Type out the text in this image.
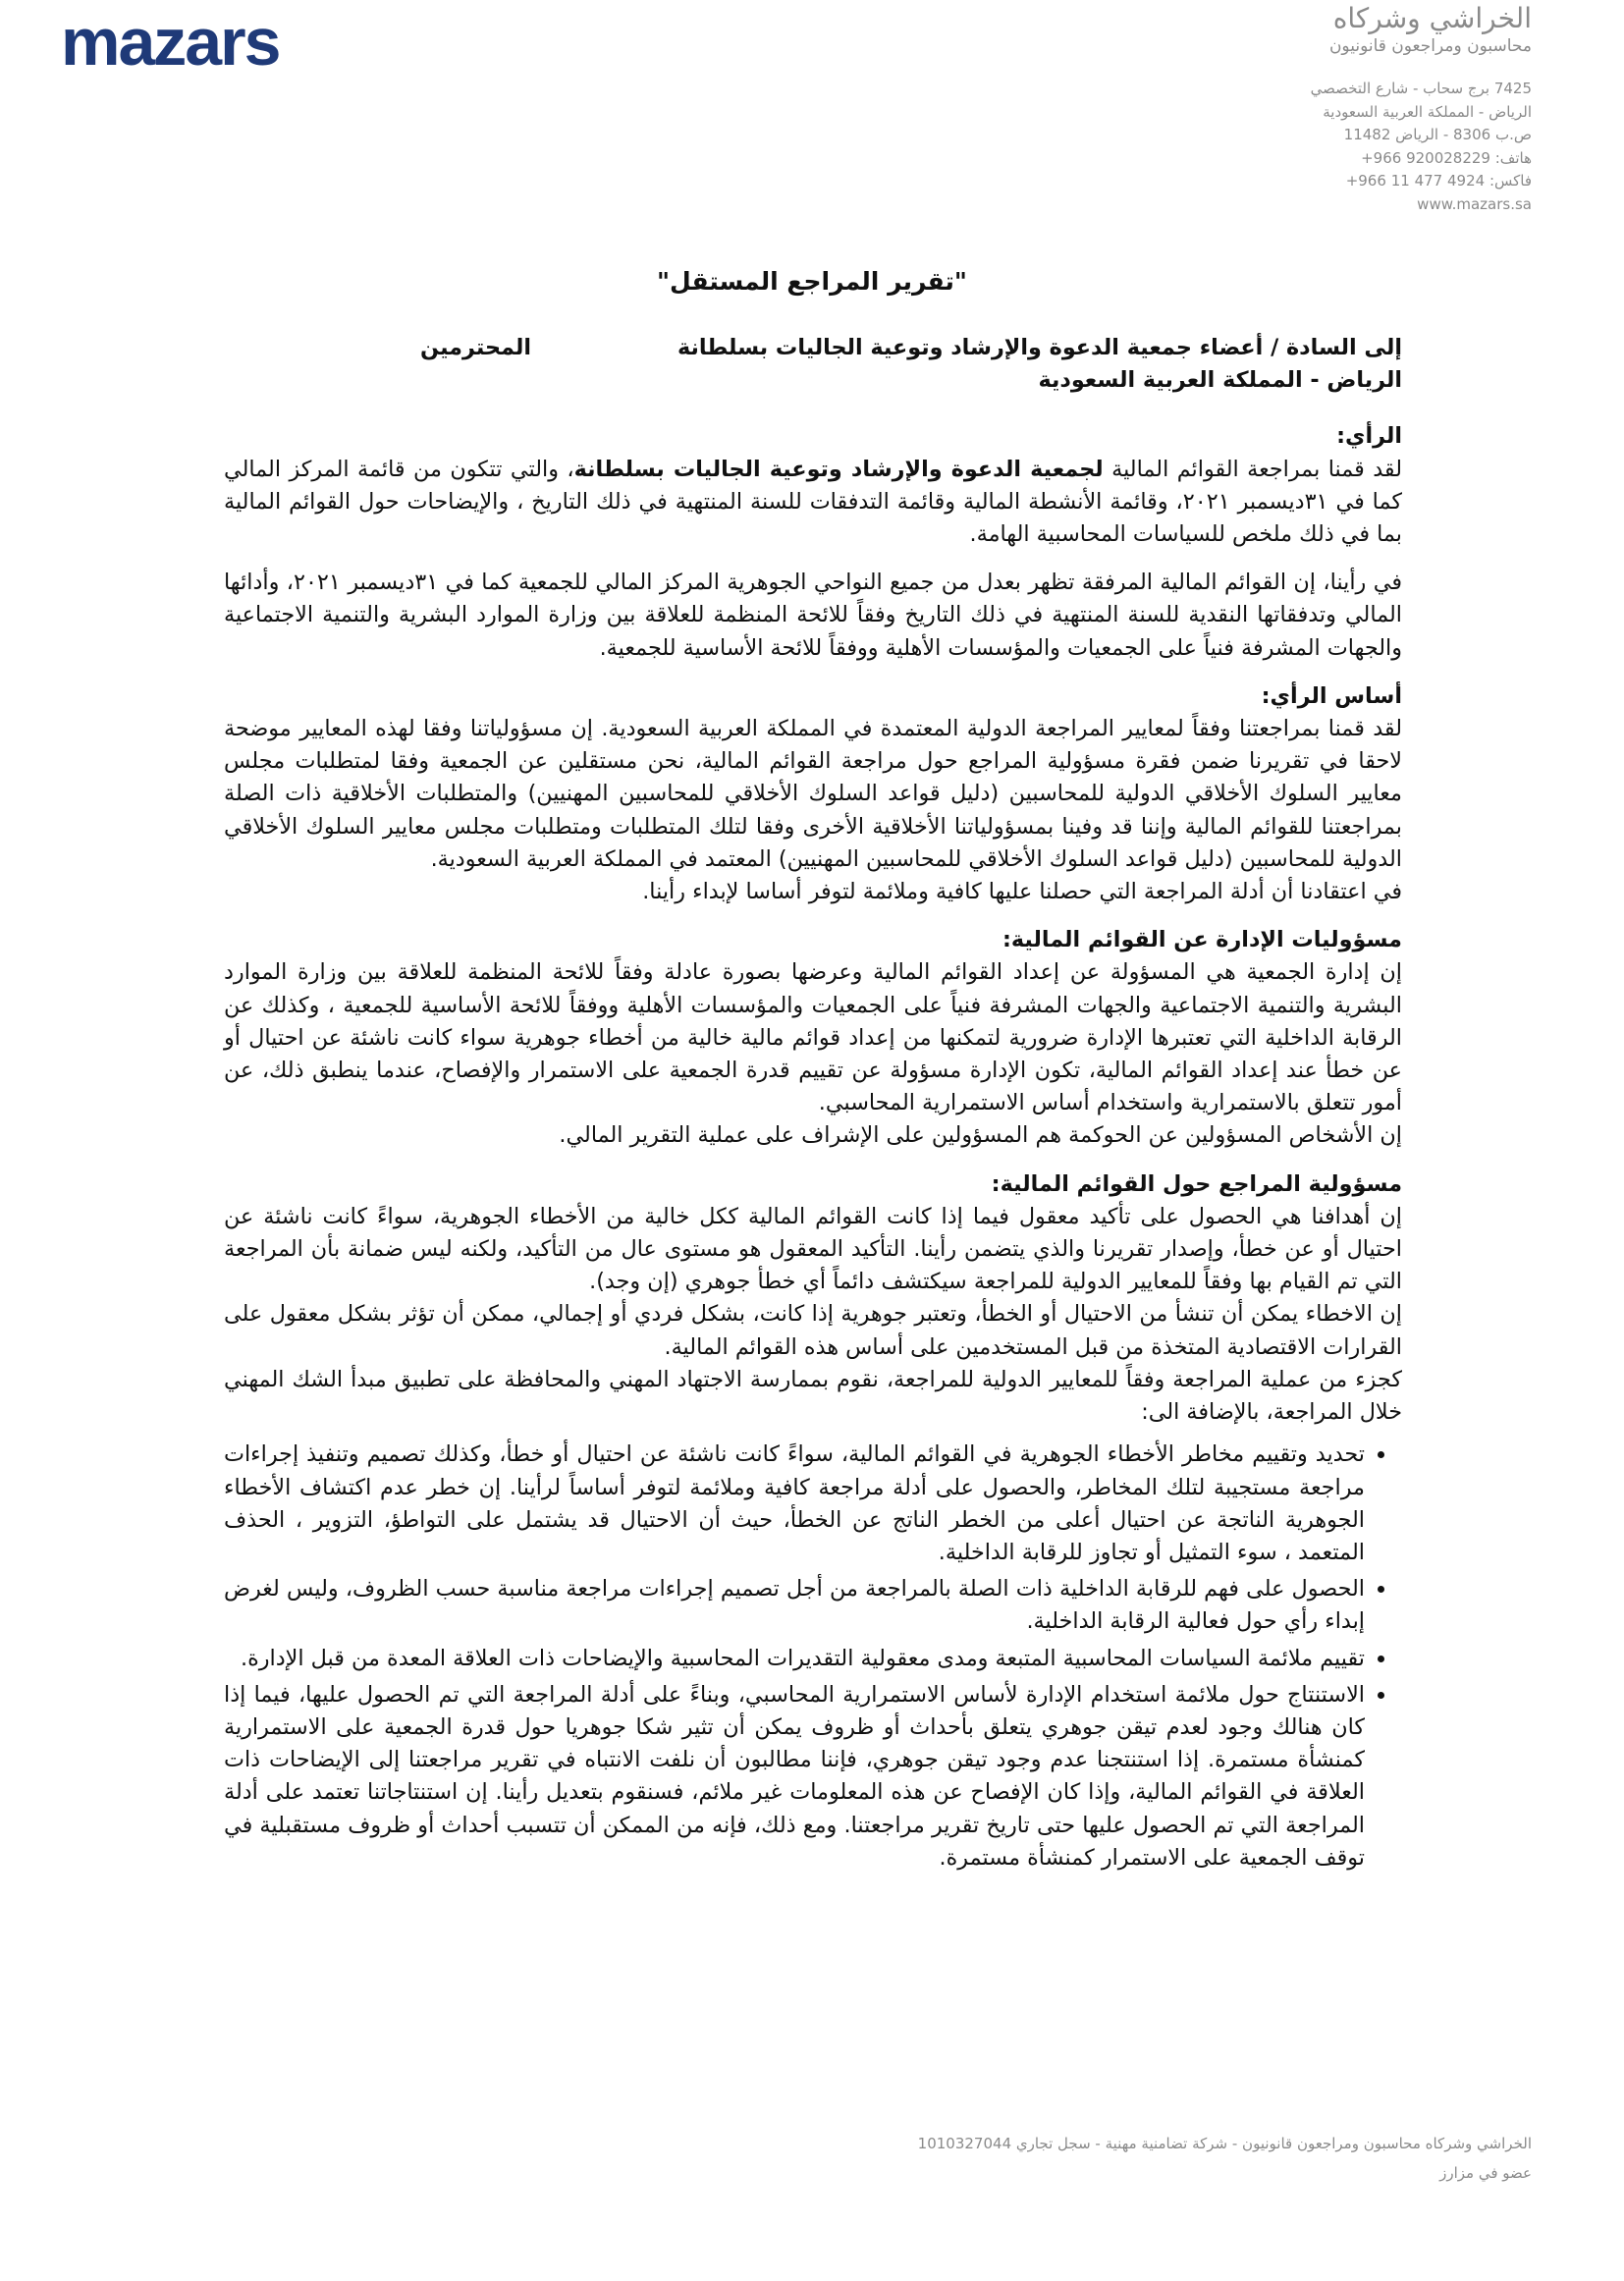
mazars	الخراشي وشركاه
محاسبون ومراجعون قانونيون
7425 برج سحاب - شارع التخصصي
الرياض - المملكة العربية السعودية
ص.ب 8306 - الرياض 11482
هاتف: 920028229 966+
فاكس: 4924 477 11 966+
www.mazars.sa
"تقرير المراجع المستقل"
إلى السادة / أعضاء جمعية الدعوة والإرشاد وتوعية الجاليات بسلطانة
المحترمين
الرياض - المملكة العربية السعودية
الرأي:
لقد قمنا بمراجعة القوائم المالية لجمعية الدعوة والإرشاد وتوعية الجاليات بسلطانة، والتي تتكون من قائمة المركز المالي كما في ٣١ديسمبر ٢٠٢١، وقائمة الأنشطة المالية وقائمة التدفقات للسنة المنتهية في ذلك التاريخ ، والإيضاحات حول القوائم المالية بما في ذلك ملخص للسياسات المحاسبية الهامة.
في رأينا، إن القوائم المالية المرفقة تظهر بعدل من جميع النواحي الجوهرية المركز المالي للجمعية كما في ٣١ديسمبر ٢٠٢١، وأدائها المالي وتدفقاتها النقدية للسنة المنتهية في ذلك التاريخ وفقاً للائحة المنظمة للعلاقة بين وزارة الموارد البشرية والتنمية الاجتماعية والجهات المشرفة فنياً على الجمعيات والمؤسسات الأهلية ووفقاً للائحة الأساسية للجمعية.
أساس الرأي:
لقد قمنا بمراجعتنا وفقاً لمعايير المراجعة الدولية المعتمدة في المملكة العربية السعودية. إن مسؤولياتنا وفقا لهذه المعايير موضحة لاحقا في تقريرنا ضمن فقرة مسؤولية المراجع حول مراجعة القوائم المالية، نحن مستقلين عن الجمعية وفقا لمتطلبات مجلس معايير السلوك الأخلاقي الدولية للمحاسبين (دليل قواعد السلوك الأخلاقي للمحاسبين المهنيين) والمتطلبات الأخلاقية ذات الصلة بمراجعتنا للقوائم المالية وإننا قد وفينا بمسؤولياتنا الأخلاقية الأخرى وفقا لتلك المتطلبات ومتطلبات مجلس معايير السلوك الأخلاقي الدولية للمحاسبين (دليل قواعد السلوك الأخلاقي للمحاسبين المهنيين) المعتمد في المملكة العربية السعودية.
في اعتقادنا أن أدلة المراجعة التي حصلنا عليها كافية وملائمة لتوفر أساسا لإبداء رأينا.
مسؤوليات الإدارة عن القوائم المالية:
إن إدارة الجمعية هي المسؤولة عن إعداد القوائم المالية وعرضها بصورة عادلة وفقاً للائحة المنظمة للعلاقة بين وزارة الموارد البشرية والتنمية الاجتماعية والجهات المشرفة فنياً على الجمعيات والمؤسسات الأهلية ووفقاً للائحة الأساسية للجمعية ، وكذلك عن الرقابة الداخلية التي تعتبرها الإدارة ضرورية لتمكنها من إعداد قوائم مالية خالية من أخطاء جوهرية سواء كانت ناشئة عن احتيال أو عن خطأ عند إعداد القوائم المالية، تكون الإدارة مسؤولة عن تقييم قدرة الجمعية على الاستمرار والإفصاح، عندما ينطبق ذلك، عن أمور تتعلق بالاستمرارية واستخدام أساس الاستمرارية المحاسبي.
إن الأشخاص المسؤولين عن الحوكمة هم المسؤولين على الإشراف على عملية التقرير المالي.
مسؤولية المراجع حول القوائم المالية:
إن أهدافنا هي الحصول على تأكيد معقول فيما إذا كانت القوائم المالية ككل خالية من الأخطاء الجوهرية، سواءً كانت ناشئة عن احتيال أو عن خطأ، وإصدار تقريرنا والذي يتضمن رأينا. التأكيد المعقول هو مستوى عال من التأكيد، ولكنه ليس ضمانة بأن المراجعة التي تم القيام بها وفقاً للمعايير الدولية للمراجعة سيكتشف دائماً أي خطأ جوهري (إن وجد).
إن الاخطاء يمكن أن تنشأ من الاحتيال أو الخطأ، وتعتبر جوهرية إذا كانت، بشكل فردي أو إجمالي، ممكن أن تؤثر بشكل معقول على القرارات الاقتصادية المتخذة من قبل المستخدمين على أساس هذه القوائم المالية.
كجزء من عملية المراجعة وفقاً للمعايير الدولية للمراجعة، نقوم بممارسة الاجتهاد المهني والمحافظة على تطبيق مبدأ الشك المهني خلال المراجعة، بالإضافة الى:
• تحديد وتقييم مخاطر الأخطاء الجوهرية في القوائم المالية، سواءً كانت ناشئة عن احتيال أو خطأ، وكذلك تصميم وتنفيذ إجراءات مراجعة مستجيبة لتلك المخاطر، والحصول على أدلة مراجعة كافية وملائمة لتوفر أساساً لرأينا. إن خطر عدم اكتشاف الأخطاء الجوهرية الناتجة عن احتيال أعلى من الخطر الناتج عن الخطأ، حيث أن الاحتيال قد يشتمل على التواطؤ، التزوير ، الحذف المتعمد ، سوء التمثيل أو تجاوز للرقابة الداخلية.
• الحصول على فهم للرقابة الداخلية ذات الصلة بالمراجعة من أجل تصميم إجراءات مراجعة مناسبة حسب الظروف، وليس لغرض إبداء رأي حول فعالية الرقابة الداخلية.
• تقييم ملائمة السياسات المحاسبية المتبعة ومدى معقولية التقديرات المحاسبية والإيضاحات ذات العلاقة المعدة من قبل الإدارة.
• الاستنتاج حول ملائمة استخدام الإدارة لأساس الاستمرارية المحاسبي، وبناءً على أدلة المراجعة التي تم الحصول عليها، فيما إذا كان هنالك وجود لعدم تيقن جوهري يتعلق بأحداث أو ظروف يمكن أن تثير شكا جوهريا حول قدرة الجمعية على الاستمرارية كمنشأة مستمرة. إذا استنتجنا عدم وجود تيقن جوهري، فإننا مطالبون أن نلفت الانتباه في تقرير مراجعتنا إلى الإيضاحات ذات العلاقة في القوائم المالية، وإذا كان الإفصاح عن هذه المعلومات غير ملائم، فسنقوم بتعديل رأينا. إن استنتاجاتنا تعتمد على أدلة المراجعة التي تم الحصول عليها حتى تاريخ تقرير مراجعتنا. ومع ذلك، فإنه من الممكن أن تتسبب أحداث أو ظروف مستقبلية في توقف الجمعية على الاستمرار كمنشأة مستمرة.
الخراشي وشركاه محاسبون ومراجعون قانونيون - شركة تضامنية مهنية - سجل تجاري 1010327044
عضو في مزارز
